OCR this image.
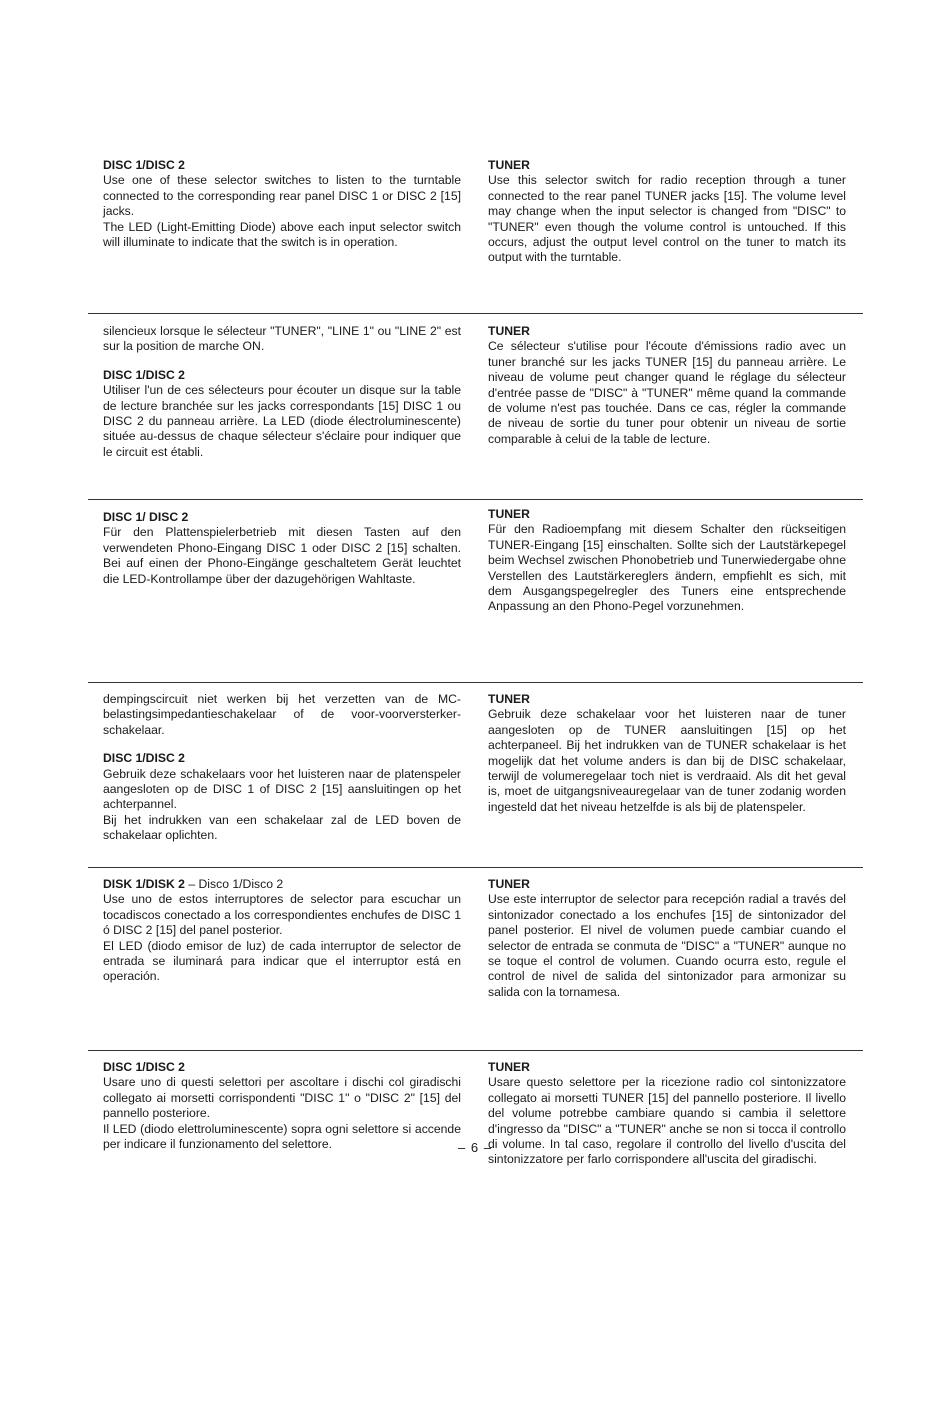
DISC 1/DISC 2

Use one of these selector switches to listen to the turntable connected to the corresponding rear panel DISC 1 or DISC 2 [15] jacks.

The LED (Light-Emitting Diode) above each input selector switch will illuminate to indicate that the switch is in operation.

TUNER

Use this selector switch for radio reception through a tuner connected to the rear panel TUNER jacks [15]. The volume level may change when the input selector is changed from "DISC" to "TUNER" even though the volume control is untouched. If this occurs, adjust the output level control on the tuner to match its output with the turntable.

silencieux lorsque le sélecteur "TUNER", "LINE 1" ou "LINE 2" est sur la position de marche ON.

DISC 1/DISC 2

Utiliser l'un de ces sélecteurs pour écouter un disque sur la table de lecture branchée sur les jacks correspondants [15] DISC 1 ou DISC 2 du panneau arrière. La LED (diode électroluminescente) située au-dessus de chaque sélecteur s'éclaire pour indiquer que le circuit est établi.

TUNER

Ce sélecteur s'utilise pour l'écoute d'émissions radio avec un tuner branché sur les jacks TUNER [15] du panneau arrière. Le niveau de volume peut changer quand le réglage du sélecteur d'entrée passe de "DISC" à "TUNER" même quand la commande de volume n'est pas touchée. Dans ce cas, régler la commande de niveau de sortie du tuner pour obtenir un niveau de sortie comparable à celui de la table de lecture.

DISC 1/ DISC 2

Für den Plattenspielerbetrieb mit diesen Tasten auf den verwendeten Phono-Eingang DISC 1 oder DISC 2 [15] schalten. Bei auf einen der Phono-Eingänge geschaltetem Gerät leuchtet die LED-Kontrollampe über der dazugehörigen Wahltaste.

TUNER

Für den Radioempfang mit diesem Schalter den rückseitigen TUNER-Eingang [15] einschalten. Sollte sich der Lautstärkepegel beim Wechsel zwischen Phonobetrieb und Tunerwiedergabe ohne Verstellen des Lautstärkereglers ändern, empfiehlt es sich, mit dem Ausgangspegelregler des Tuners eine entsprechende Anpassung an den Phono-Pegel vorzunehmen.

dempingscircuit niet werken bij het verzetten van de MC-belastingsimpedantieschakelaar of de voor-voorversterker-schakelaar.

DISC 1/DISC 2

Gebruik deze schakelaars voor het luisteren naar de platenspeler aangesloten op de DISC 1 of DISC 2 [15] aansluitingen op het achterpannel.

Bij het indrukken van een schakelaar zal de LED boven de schakelaar oplichten.

TUNER

Gebruik deze schakelaar voor het luisteren naar de tuner aangesloten op de TUNER aansluitingen [15] op het achterpaneel. Bij het indrukken van de TUNER schakelaar is het mogelijk dat het volume anders is dan bij de DISC schakelaar, terwijl de volumeregelaar toch niet is verdraaid. Als dit het geval is, moet de uitgangsniveauregelaar van de tuner zodanig worden ingesteld dat het niveau hetzelfde is als bij de platenspeler.

DISK 1/DISK 2 – Disco 1/Disco 2

Use uno de estos interruptores de selector para escuchar un tocadiscos conectado a los correspondientes enchufes de DISC 1 ó DISC 2 [15] del panel posterior.

El LED (diodo emisor de luz) de cada interruptor de selector de entrada se iluminará para indicar que el interruptor está en operación.

TUNER

Use este interruptor de selector para recepción radial a través del sintonizador conectado a los enchufes [15] de sintonizador del panel posterior. El nivel de volumen puede cambiar cuando el selector de entrada se conmuta de "DISC" a "TUNER" aunque no se toque el control de volumen. Cuando ocurra esto, regule el control de nivel de salida del sintonizador para armonizar su salida con la tornamesa.

DISC 1/DISC 2

Usare uno di questi selettori per ascoltare i dischi col giradischi collegato ai morsetti corrispondenti "DISC 1" o "DISC 2" [15] del pannello posteriore.

Il LED (diodo elettroluminescente) sopra ogni selettore si accende per indicare il funzionamento del selettore.

TUNER

Usare questo selettore per la ricezione radio col sintonizzatore collegato ai morsetti TUNER [15] del pannello posteriore. Il livello del volume potrebbe cambiare quando si cambia il selettore d'ingresso da "DISC" a "TUNER" anche se non si tocca il controllo di volume. In tal caso, regolare il controllo del livello d'uscita del sintonizzatore per farlo corrispondere all'uscita del giradischi.

– 6 –
